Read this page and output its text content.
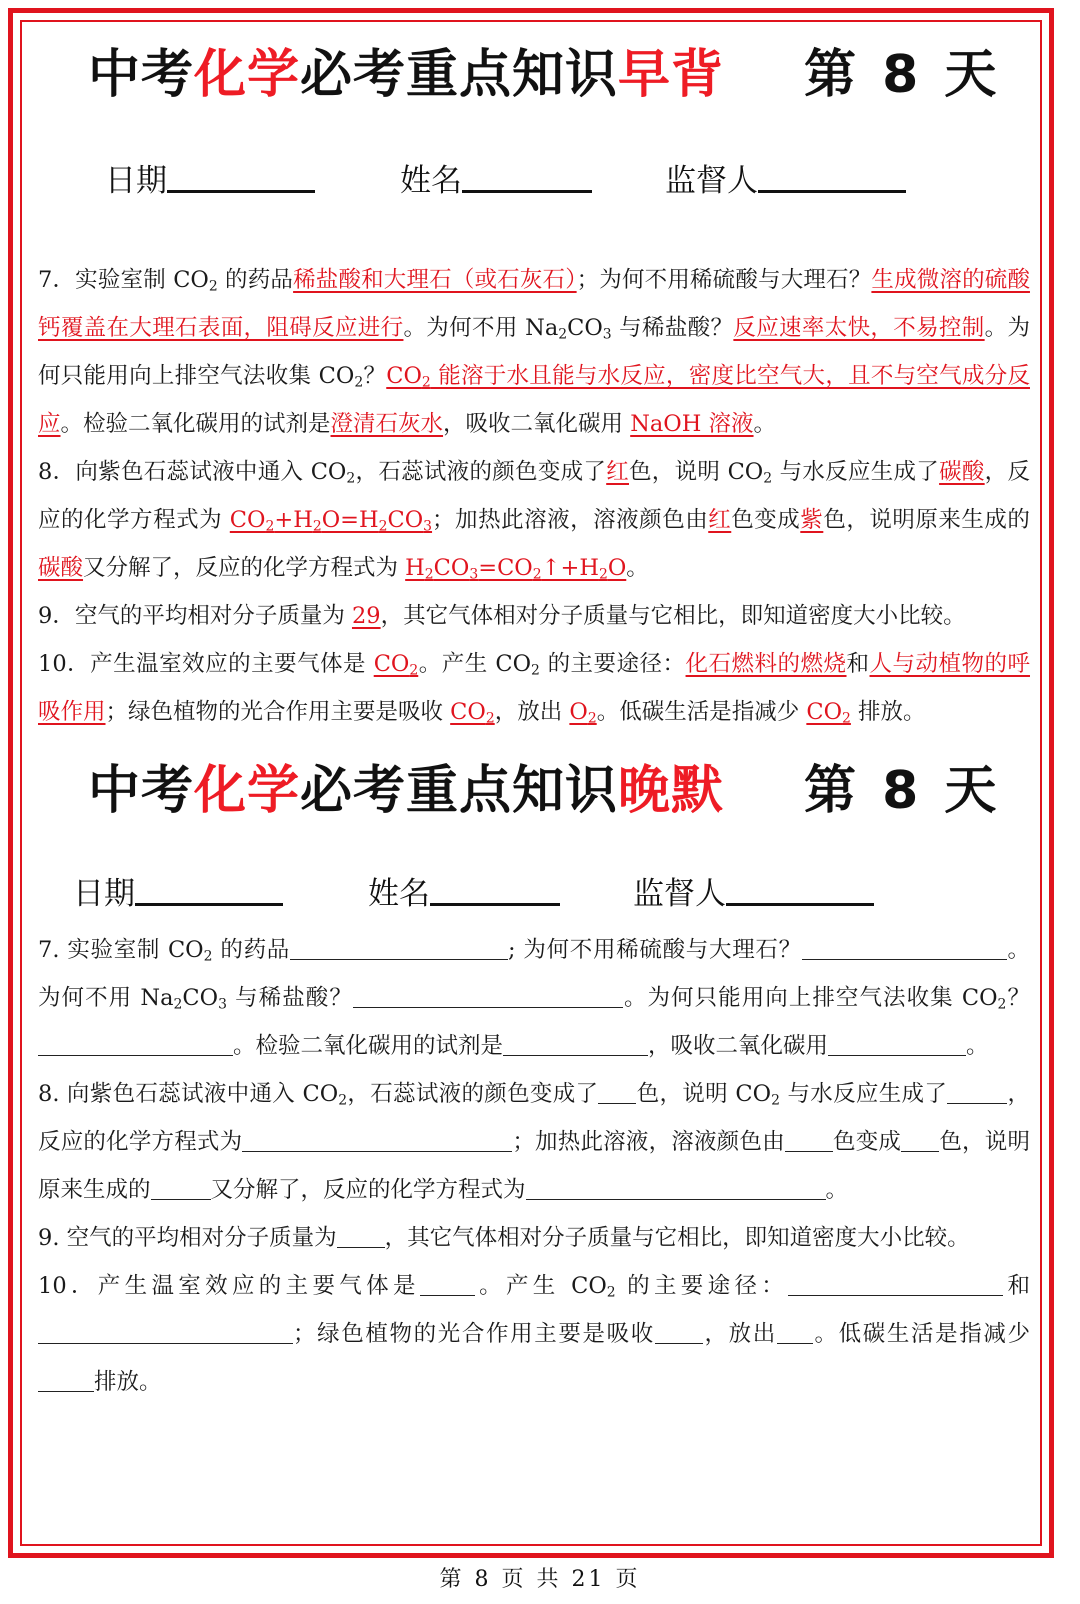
中考化学必考重点知识早背 第 8 天
日期	姓名	监督人

7．实验室制 $CO_2$ 的药品稀盐酸和大理石（或石灰石）；为何不用稀硫酸与大理石？生成微溶的硫酸钙覆盖在大理石表面，阻碍反应进行。为何不用 $Na_2CO_3$ 与稀盐酸？反应速率太快，不易控制。为何只能用向上排空气法收集 $CO_2$？$CO_2$ 能溶于水且能与水反应，密度比空气大，且不与空气成分反应。检验二氧化碳用的试剂是澄清石灰水，吸收二氧化碳用 NaOH 溶液。

8．向紫色石蕊试液中通入 $CO_2$，石蕊试液的颜色变成了红色，说明 $CO_2$ 与水反应生成了碳酸，反应的化学方程式为 $CO_2+H_2O=H_2CO_3$；加热此溶液，溶液颜色由红色变成紫色，说明原来生成的碳酸又分解了，反应的化学方程式为 $H_2CO_3=CO_2↑+H_2O$。

9．空气的平均相对分子质量为 29，其它气体相对分子质量与它相比，即知道密度大小比较。

10．产生温室效应的主要气体是 $CO_2$。产生 $CO_2$ 的主要途径：化石燃料的燃烧和人与动植物的呼吸作用；绿色植物的光合作用主要是吸收 $CO_2$，放出 $O_2$。低碳生活是指减少 $CO_2$ 排放。

中考化学必考重点知识晚默 第 8 天
日期	姓名	监督人

7. 实验室制 $CO_2$ 的药品	; 为何不用稀硫酸与大理石？	。为何不用 $Na_2CO_3$ 与稀盐酸？	。为何只能用向上排空气法收集 $CO_2$？。检验二氧化碳用的试剂是	，吸收二氧化碳用	。

8. 向紫色石蕊试液中通入 $CO_2$，石蕊试液的颜色变成了 色，说明 $CO_2$ 与水反应生成了	，反应的化学方程式为	；加热此溶液，溶液颜色由 色变成 色，说明原来生成的	又分解了，反应的化学方程式为	。

9. 空气的平均相对分子质量为 ，其它气体相对分子质量与它相比，即知道密度大小比较。

10．产生温室效应的主要气体是 。产生 $CO_2$ 的主要途径：	和；绿色植物的光合作用主要是吸收 ，放出 。低碳生活是指减少排放。

第 8 页 共 21 页
